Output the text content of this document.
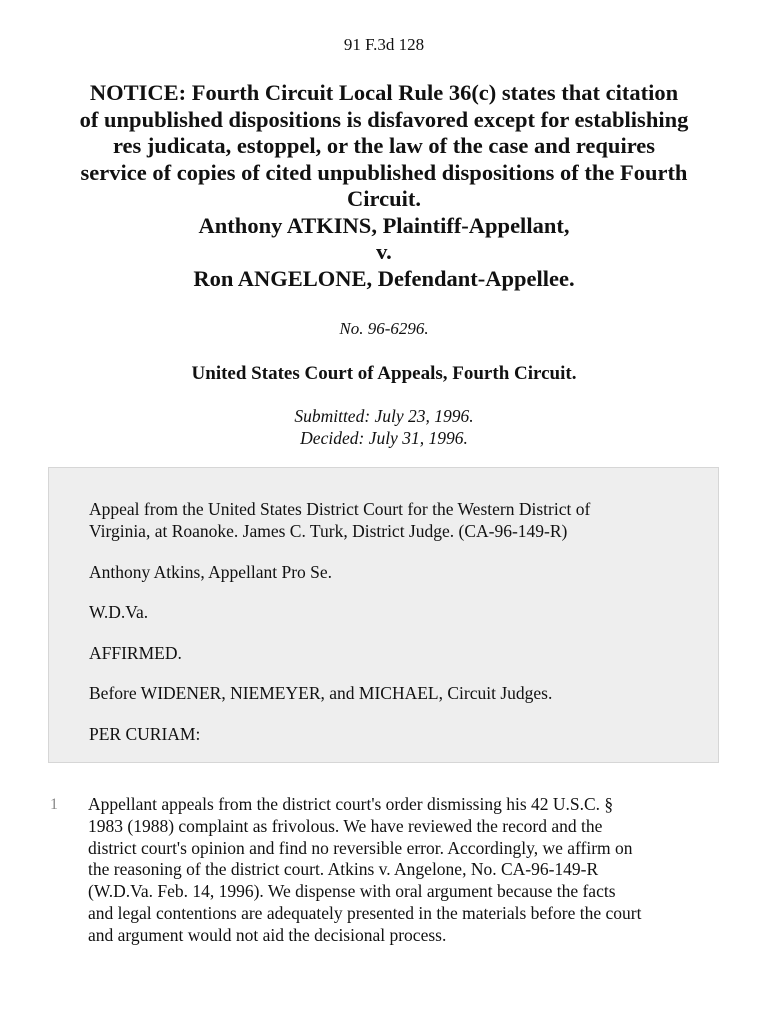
91 F.3d 128
NOTICE: Fourth Circuit Local Rule 36(c) states that citation
of unpublished dispositions is disfavored except for establishing
res judicata, estoppel, or the law of the case and requires
service of copies of cited unpublished dispositions of the Fourth
Circuit.
Anthony ATKINS, Plaintiff-Appellant,
v.
Ron ANGELONE, Defendant-Appellee.
No. 96-6296.
United States Court of Appeals, Fourth Circuit.
Submitted: July 23, 1996.
Decided: July 31, 1996.

Appeal from the United States District Court for the Western District of
Virginia, at Roanoke. James C. Turk, District Judge. (CA-96-149-R)

Anthony Atkins, Appellant Pro Se.

W.D.Va.

AFFIRMED.

Before WIDENER, NIEMEYER, and MICHAEL, Circuit Judges.

PER CURIAM:

1 Appellant appeals from the district court's order dismissing his 42 U.S.C. §
1983 (1988) complaint as frivolous. We have reviewed the record and the
district court's opinion and find no reversible error. Accordingly, we affirm on
the reasoning of the district court. Atkins v. Angelone, No. CA-96-149-R
(W.D.Va. Feb. 14, 1996). We dispense with oral argument because the facts
and legal contentions are adequately presented in the materials before the court
and argument would not aid the decisional process.
